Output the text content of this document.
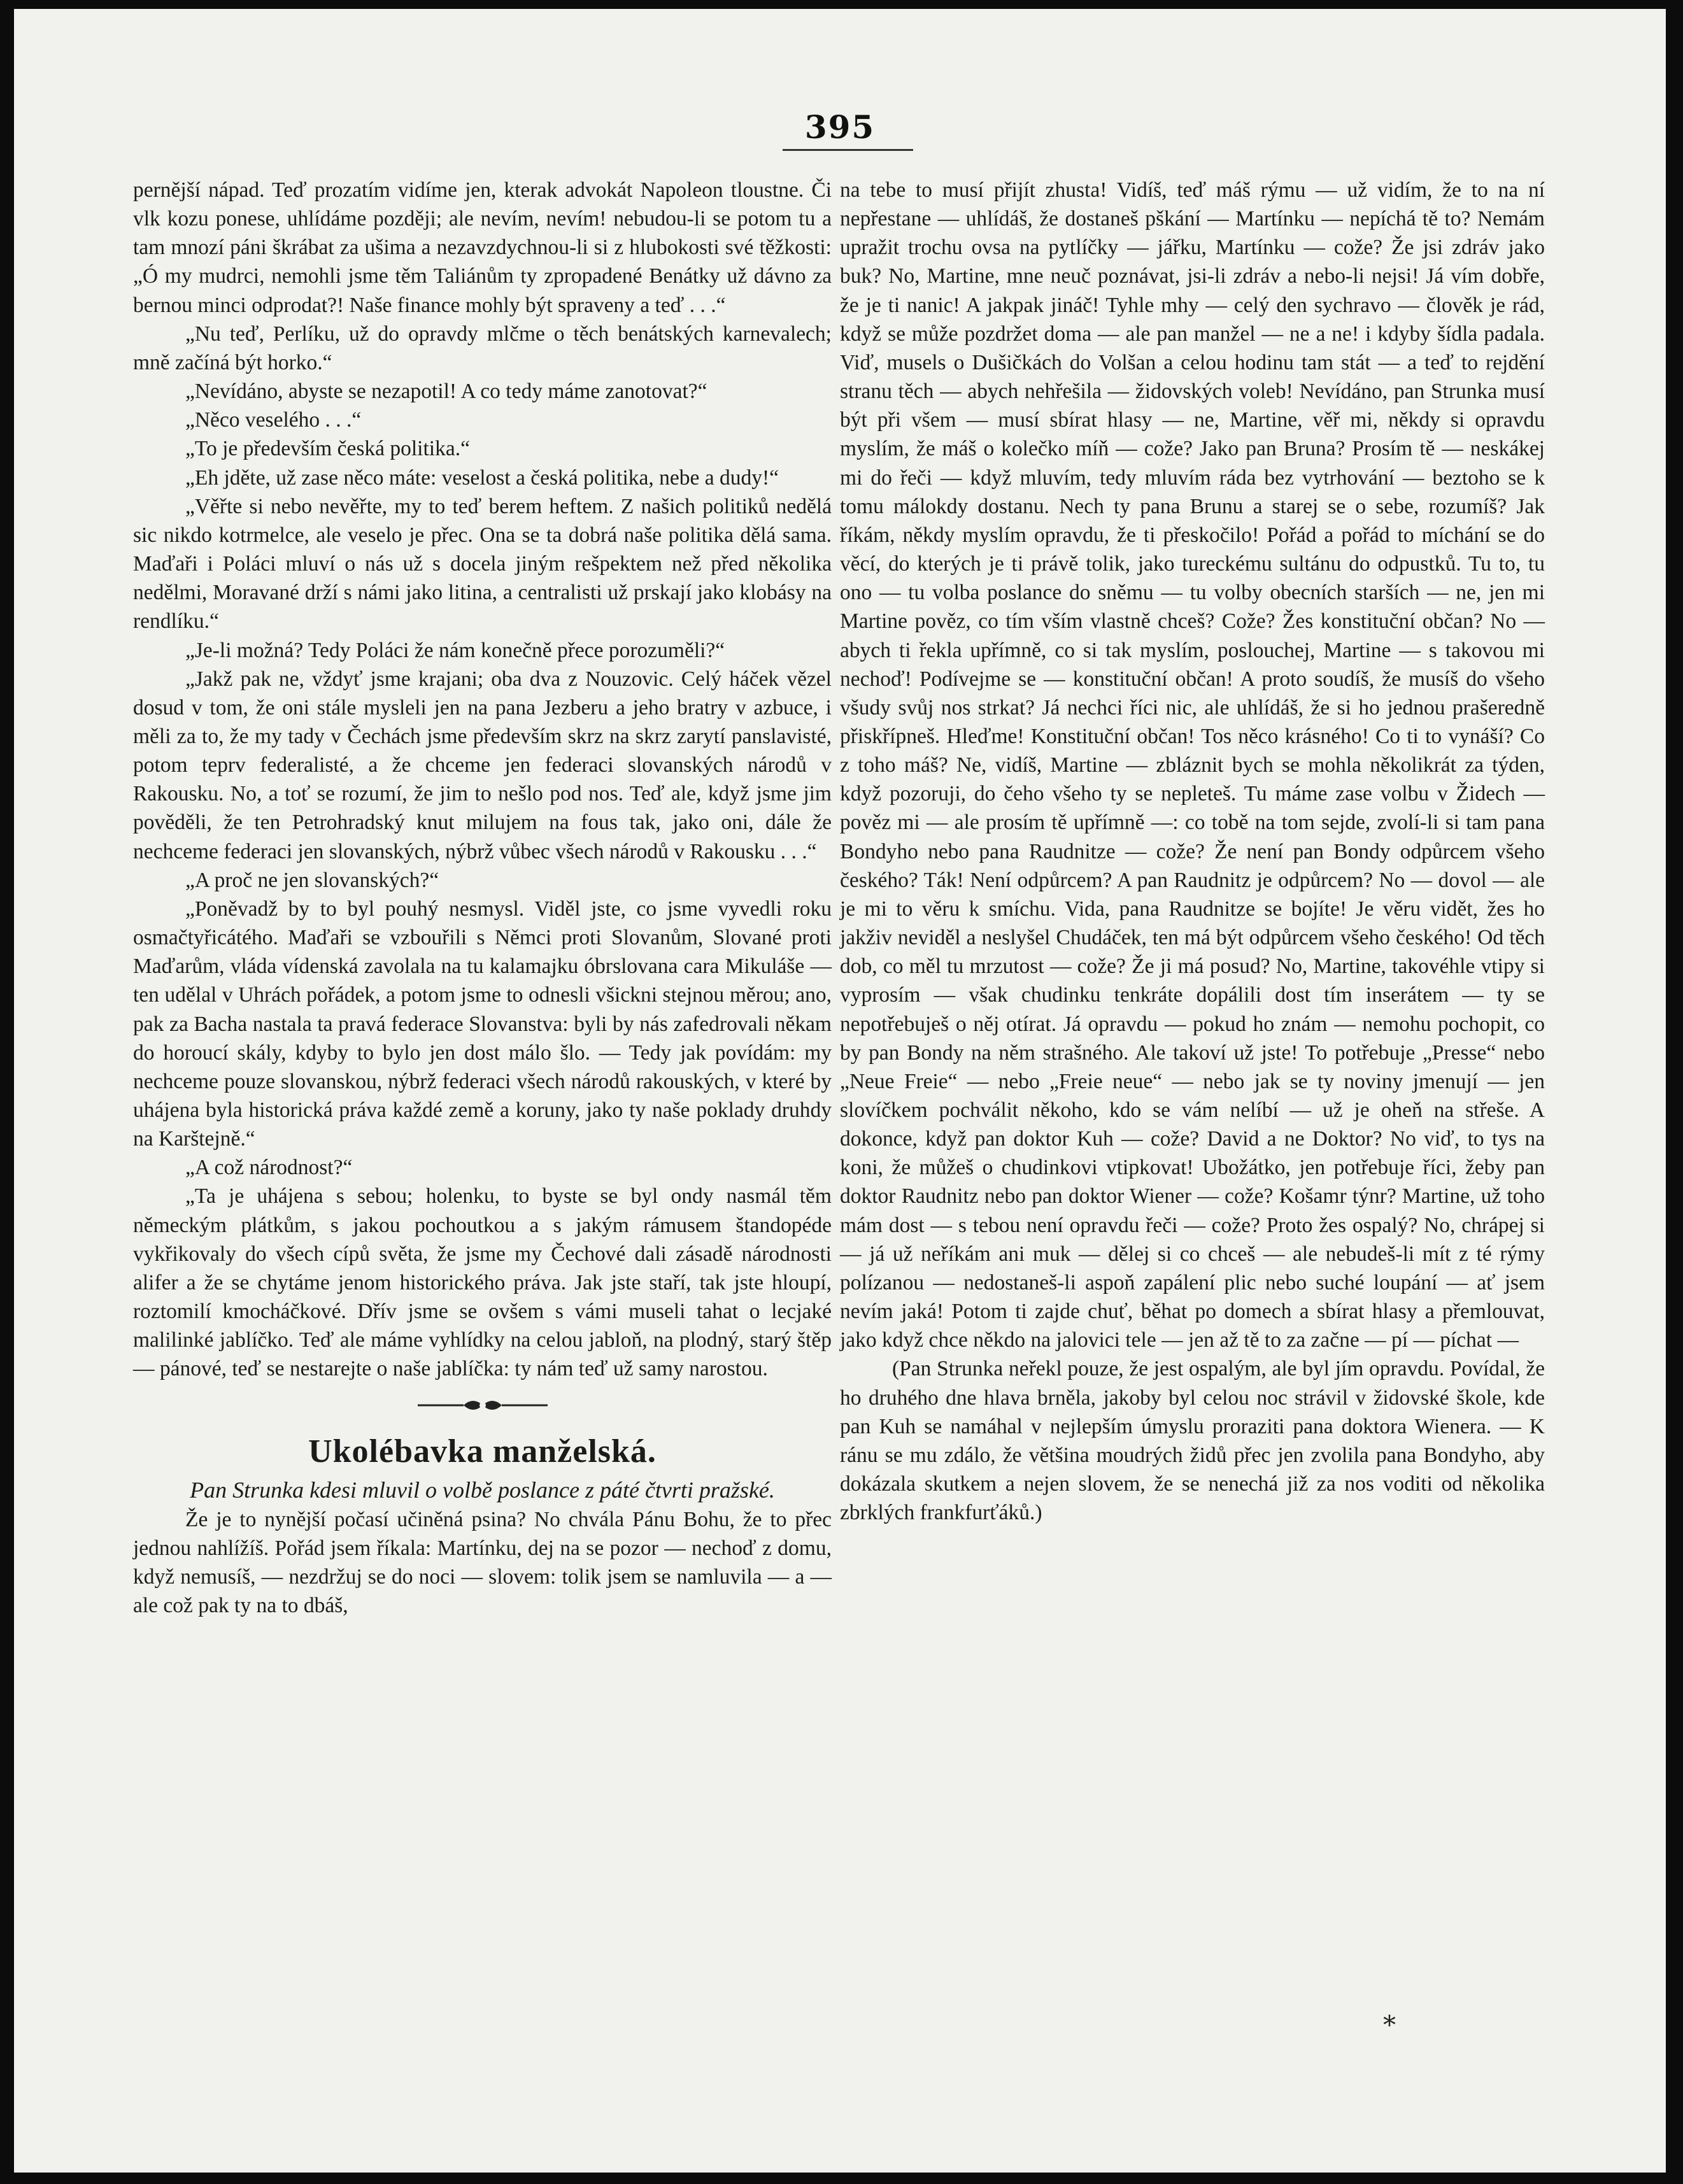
395

pernější nápad. Teď prozatím vidíme jen, kterak advokát Napoleon tloustne. Či vlk kozu ponese, uhlídáme později; ale nevím, nevím! nebudou-li se potom tu a tam mnozí páni škrábat za ušima a nezavzdychnou-li si z hlubokosti své těžkosti: „Ó my mudrci, nemohli jsme těm Taliánům ty zpropadené Benátky už dávno za bernou minci odprodat?! Naše finance mohly být spraveny a teď . . .“

„Nu teď, Perlíku, už do opravdy mlčme o těch benátských karnevalech; mně začíná být horko.“

„Nevídáno, abyste se nezapotil! A co tedy máme zanotovat?“

„Něco veselého . . .“

„To je především česká politika.“

„Eh jděte, už zase něco máte: veselost a česká politika, nebe a dudy!“

„Věřte si nebo nevěřte, my to teď berem heftem. Z našich politiků nedělá sic nikdo kotrmelce, ale veselo je přec. Ona se ta dobrá naše politika dělá sama. Maďaři i Poláci mluví o nás už s docela jiným rešpektem než před několika nedělmi, Moravané drží s námi jako litina, a centralisti už prskají jako klobásy na rendlíku.“

„Je-li možná? Tedy Poláci že nám konečně přece porozuměli?“

„Jakž pak ne, vždyť jsme krajani; oba dva z Nouzovic. Celý háček vězel dosud v tom, že oni stále mysleli jen na pana Jezberu a jeho bratry v azbuce, i měli za to, že my tady v Čechách jsme především skrz na skrz zarytí panslavisté, potom teprv federalisté, a že chceme jen federaci slovanských národů v Rakousku. No, a toť se rozumí, že jim to nešlo pod nos. Teď ale, když jsme jim pověděli, že ten Petrohradský knut milujem na fous tak, jako oni, dále že nechceme federaci jen slovanských, nýbrž vůbec všech národů v Rakousku . . .“

„A proč ne jen slovanských?“

„Poněvadž by to byl pouhý nesmysl. Viděl jste, co jsme vyvedli roku osmačtyřicátého. Maďaři se vzbouřili s Němci proti Slovanům, Slované proti Maďarům, vláda vídenská zavolala na tu kalamajku óbrslovana cara Mikuláše — ten udělal v Uhrách pořádek, a potom jsme to odnesli všickni stejnou měrou; ano, pak za Bacha nastala ta pravá federace Slovanstva: byli by nás zafedrovali někam do horoucí skály, kdyby to bylo jen dost málo šlo. — Tedy jak povídám: my nechceme pouze slovanskou, nýbrž federaci všech národů rakouských, v které by uhájena byla historická práva každé země a koruny, jako ty naše poklady druhdy na Karštejně.“

„A což národnost?“

„Ta je uhájena s sebou; holenku, to byste se byl ondy nasmál těm německým plátkům, s jakou pochoutkou a s jakým rámusem štandopéde vykřikovaly do všech cípů světa, že jsme my Čechové dali zásadě národnosti alifer a že se chytáme jenom historického práva. Jak jste staří, tak jste hloupí, roztomilí kmocháčkové. Dřív jsme se ovšem s vámi museli tahat o lecjaké malilinké jablíčko. Teď ale máme vyhlídky na celou jabloň, na plodný, starý štěp — pánové, teď se nestarejte o naše jablíčka: ty nám teď už samy narostou.

Ukolébavka manželská.
Pan Strunka kdesi mluvil o volbě poslance z páté čtvrti pražské.

Že je to nynější počasí učiněná psina? No chvála Pánu Bohu, že to přec jednou nahlížíš. Pořád jsem říkala: Martínku, dej na se pozor — nechoď z domu, když nemusíš, — nezdržuj se do noci — slovem: tolik jsem se namluvila — a — ale což pak ty na to dbáš,

na tebe to musí přijít zhusta! Vidíš, teď máš rýmu — už vidím, že to na ní nepřestane — uhlídáš, že dostaneš pškání — Martínku — nepíchá tě to? Nemám upražit trochu ovsa na pytlíčky — jářku, Martínku — cože? Že jsi zdráv jako buk? No, Martine, mne neuč poznávat, jsi-li zdráv a nebo-li nejsi! Já vím dobře, že je ti nanic! A jakpak jináč! Tyhle mhy — celý den sychravo — člověk je rád, když se může pozdržet doma — ale pan manžel — ne a ne! i kdyby šídla padala. Viď, musels o Dušičkách do Volšan a celou hodinu tam stát — a teď to rejdění stranu těch — abych nehřešila — židovských voleb! Nevídáno, pan Strunka musí být při všem — musí sbírat hlasy — ne, Martine, věř mi, někdy si opravdu myslím, že máš o kolečko míň — cože? Jako pan Bruna? Prosím tě — neskákej mi do řeči — když mluvím, tedy mluvím ráda bez vytrhování — beztoho se k tomu málokdy dostanu. Nech ty pana Brunu a starej se o sebe, rozumíš? Jak říkám, někdy myslím opravdu, že ti přeskočilo! Pořád a pořád to míchání se do věcí, do kterých je ti právě tolik, jako tureckému sultánu do odpustků. Tu to, tu ono — tu volba poslance do sněmu — tu volby obecních starších — ne, jen mi Martine pověz, co tím vším vlastně chceš? Cože? Žes konstituční občan? No — abych ti řekla upřímně, co si tak myslím, poslouchej, Martine — s takovou mi nechoď! Podívejme se — konstituční občan! A proto soudíš, že musíš do všeho všudy svůj nos strkat? Já nechci říci nic, ale uhlídáš, že si ho jednou prašeredně přiskřípneš. Hleďme! Konstituční občan! Tos něco krásného! Co ti to vynáší? Co z toho máš? Ne, vidíš, Martine — zbláznit bych se mohla několikrát za týden, když pozoruji, do čeho všeho ty se nepleteš. Tu máme zase volbu v Židech — pověz mi — ale prosím tě upřímně —: co tobě na tom sejde, zvolí-li si tam pana Bondyho nebo pana Raudnitze — cože? Že není pan Bondy odpůrcem všeho českého? Ták! Není odpůrcem? A pan Raudnitz je odpůrcem? No — dovol — ale je mi to věru k smíchu. Vida, pana Raudnitze se bojíte! Je věru vidět, žes ho jakživ neviděl a neslyšel Chudáček, ten má být odpůrcem všeho českého! Od těch dob, co měl tu mrzutost — cože? Že ji má posud? No, Martine, takovéhle vtipy si vyprosím — však chudinku tenkráte dopálili dost tím inserátem — ty se nepotřebuješ o něj otírat. Já opravdu — pokud ho znám — nemohu pochopit, co by pan Bondy na něm strašného. Ale takoví už jste! To potřebuje „Presse“ nebo „Neue Freie“ — nebo „Freie neue“ — nebo jak se ty noviny jmenují — jen slovíčkem pochválit někoho, kdo se vám nelíbí — už je oheň na střeše. A dokonce, když pan doktor Kuh — cože? David a ne Doktor? No viď, to tys na koni, že můžeš o chudinkovi vtipkovat! Ubožátko, jen potřebuje říci, žeby pan doktor Raudnitz nebo pan doktor Wiener — cože? Košamr týnr? Martine, už toho mám dost — s tebou není opravdu řeči — cože? Proto žes ospalý? No, chrápej si — já už neříkám ani muk — dělej si co chceš — ale nebudeš-li mít z té rýmy polízanou — nedostaneš-li aspoň zapálení plic nebo suché loupání — ať jsem nevím jaká! Potom ti zajde chuť, běhat po domech a sbírat hlasy a přemlouvat, jako když chce někdo na jalovici tele — jen až tě to za začne — pí — píchat —

(Pan Strunka neřekl pouze, že jest ospalým, ale byl jím opravdu. Povídal, že ho druhého dne hlava brněla, jakoby byl celou noc strávil v židovské škole, kde pan Kuh se namáhal v nejlepším úmyslu proraziti pana doktora Wienera. — K ránu se mu zdálo, že většina moudrých židů přec jen zvolila pana Bondyho, aby dokázala skutkem a nejen slovem, že se nenechá již za nos voditi od několika zbrklých frankfurťáků.)

*
